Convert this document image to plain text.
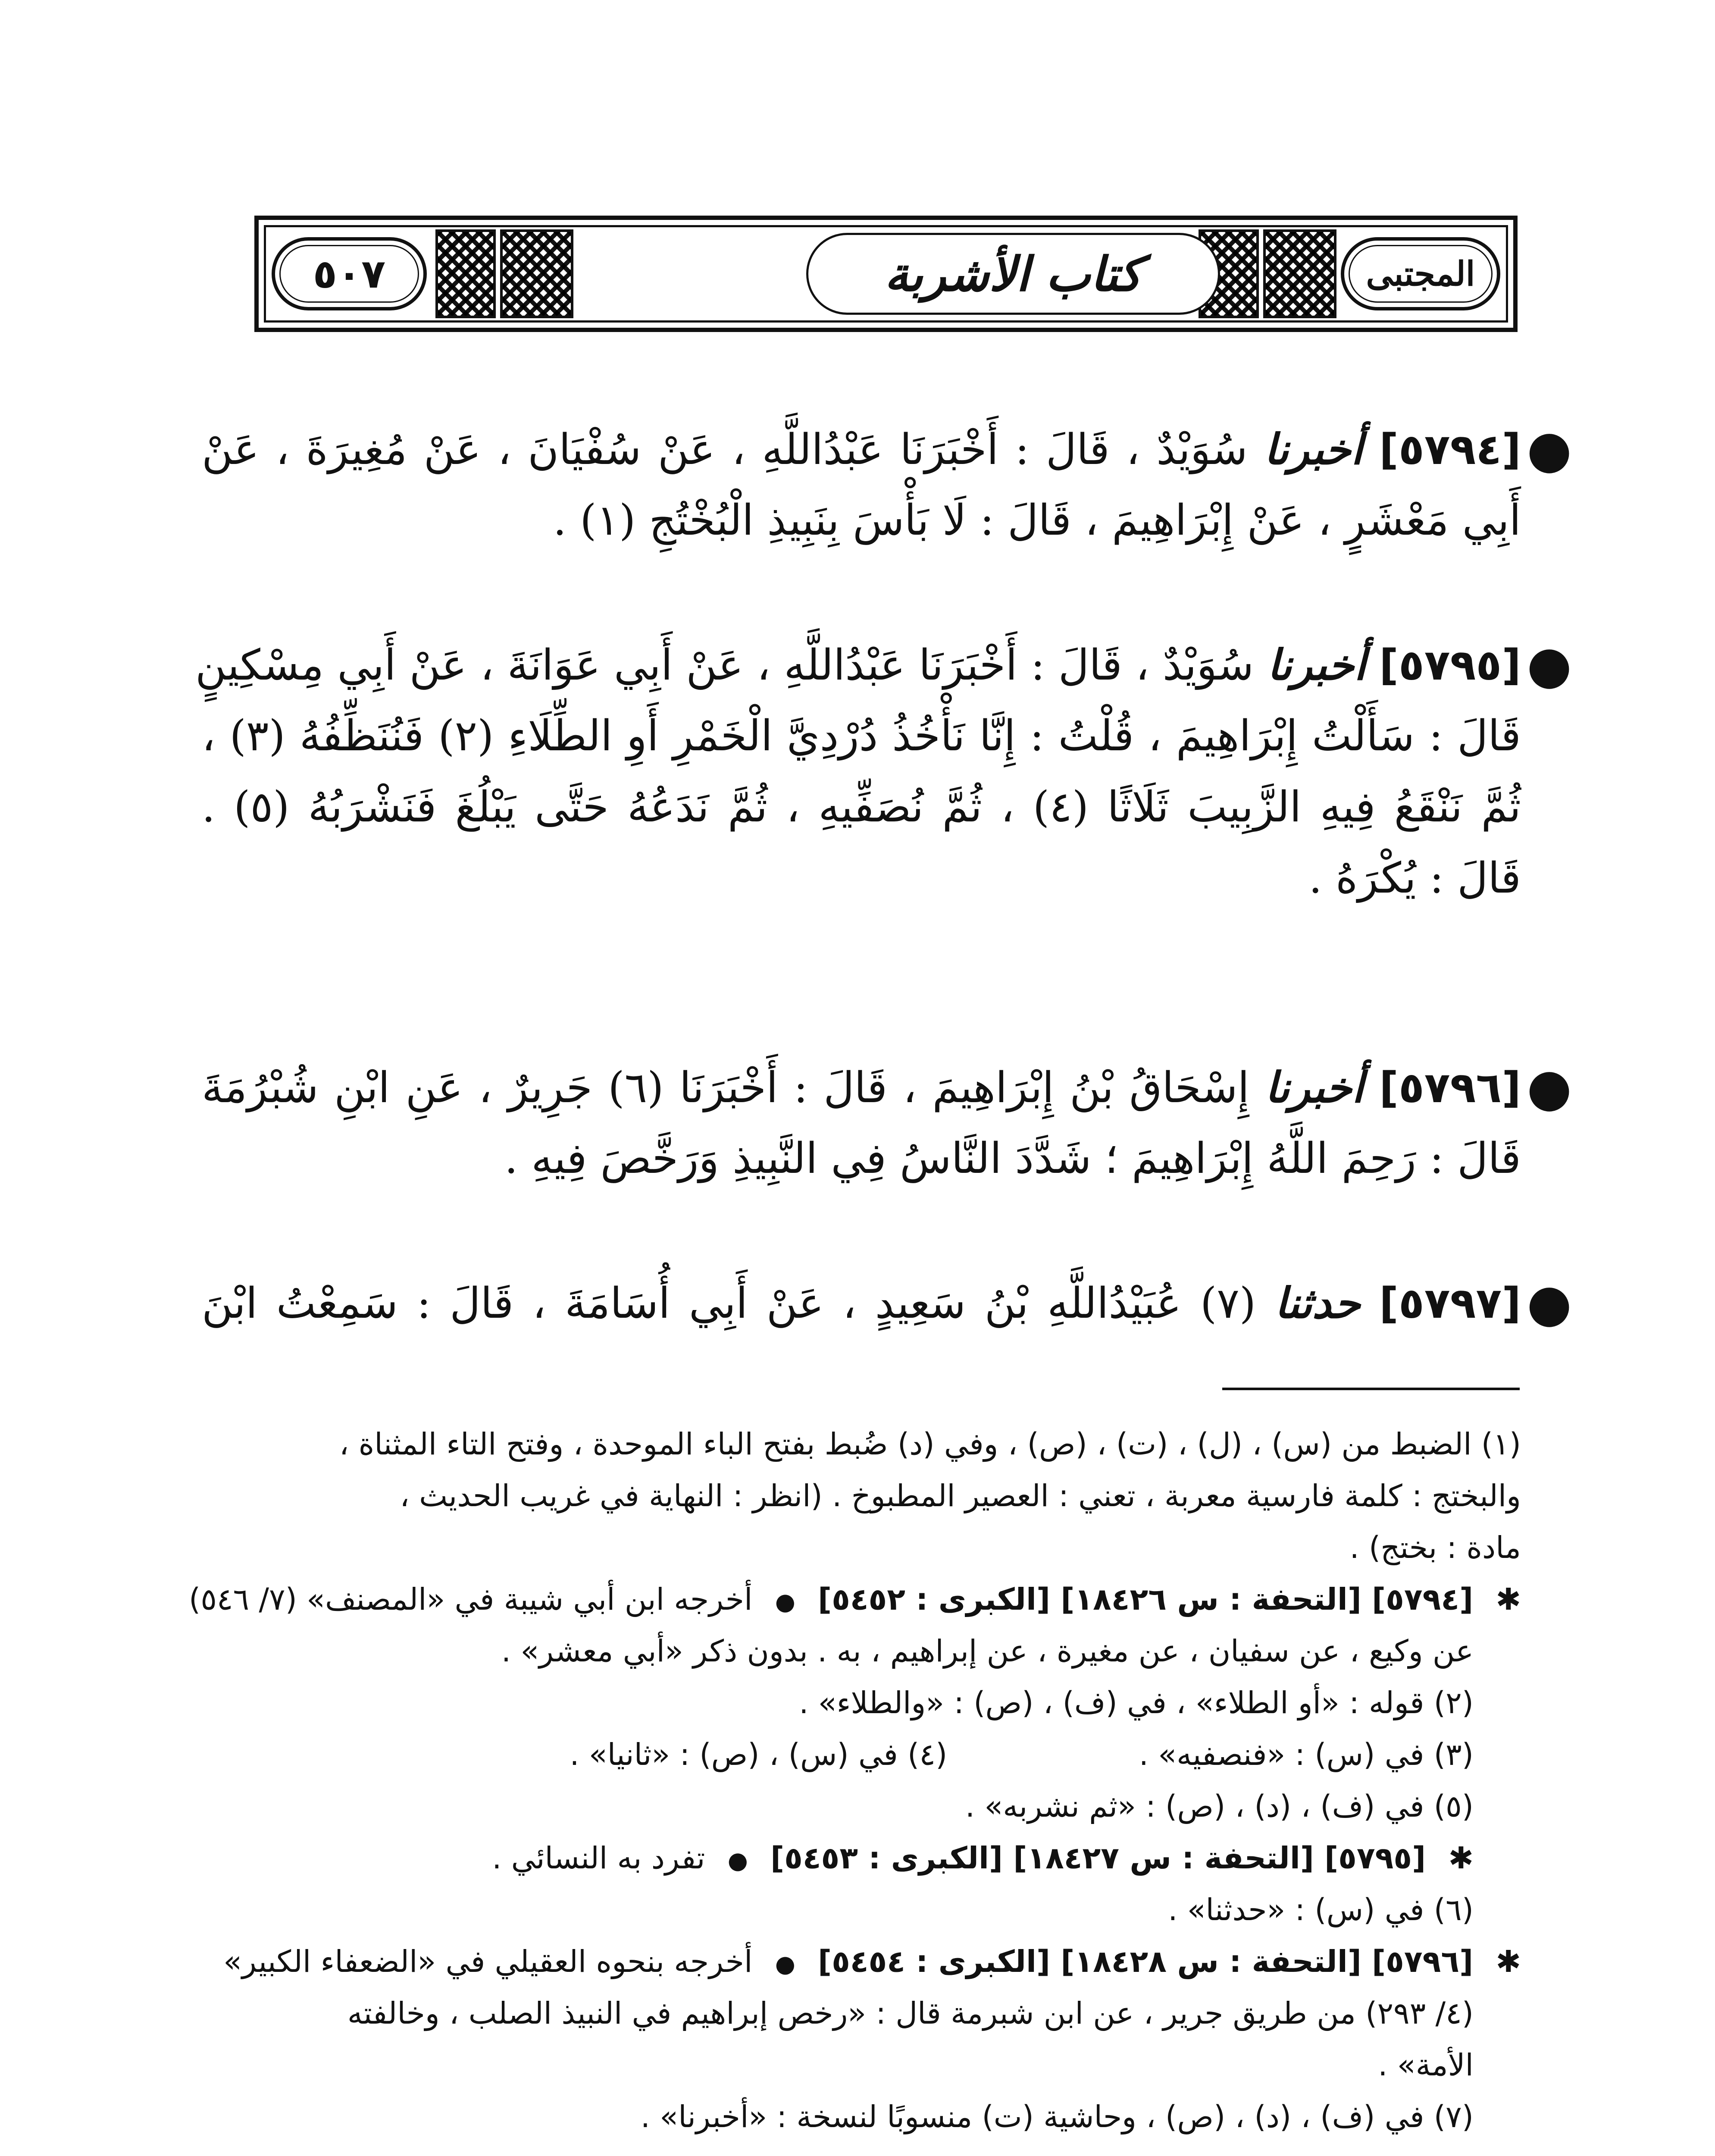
المجتبى
كتاب الأشربة
٥٠٧
●
[٥٧٩٤] أخبرنا سُوَيْدٌ ، قَالَ : أَخْبَرَنَا عَبْدُاللَّهِ ، عَنْ سُفْيَانَ ، عَنْ مُغِيرَةَ ، عَنْ
أَبِي مَعْشَرٍ ، عَنْ إِبْرَاهِيمَ ، قَالَ : لَا بَأْسَ بِنَبِيذِ الْبُخْتُجِ (١) .
●
[٥٧٩٥] أخبرنا سُوَيْدٌ ، قَالَ : أَخْبَرَنَا عَبْدُاللَّهِ ، عَنْ أَبِي عَوَانَةَ ، عَنْ أَبِي مِسْكِينٍ
قَالَ : سَأَلْتُ إِبْرَاهِيمَ ، قُلْتُ : إِنَّا نَأْخُذُ دُرْدِيَّ الْخَمْرِ أَوِ الطِّلَاءِ (٢) فَنُنَظِّفُهُ (٣) ،
ثُمَّ نَنْقَعُ فِيهِ الزَّبِيبَ ثَلَاثًا (٤) ، ثُمَّ نُصَفِّيهِ ، ثُمَّ نَدَعُهُ حَتَّى يَبْلُغَ فَنَشْرَبُهُ (٥) .
قَالَ : يُكْرَهُ .
●
[٥٧٩٦] أخبرنا إِسْحَاقُ بْنُ إِبْرَاهِيمَ ، قَالَ : أَخْبَرَنَا (٦) جَرِيرٌ ، عَنِ ابْنِ شُبْرُمَةَ
قَالَ : رَحِمَ اللَّهُ إِبْرَاهِيمَ ؛ شَدَّدَ النَّاسُ فِي النَّبِيذِ وَرَخَّصَ فِيهِ .
●
[٥٧٩٧] حدثنا (٧) عُبَيْدُاللَّهِ بْنُ سَعِيدٍ ، عَنْ أَبِي أُسَامَةَ ، قَالَ : سَمِعْتُ ابْنَ
(١) الضبط من (س) ، (ل) ، (ت) ، (ص) ، وفي (د) ضُبط بفتح الباء الموحدة ، وفتح التاء المثناة ،
والبختج : كلمة فارسية معربة ، تعني : العصير المطبوخ . (انظر : النهاية في غريب الحديث ،
مادة : بختج) .
✱ [٥٧٩٤] [التحفة : س ١٨٤٢٦] [الكبرى : ٥٤٥٢] ● أخرجه ابن أبي شيبة في «المصنف» (٧/ ٥٤٦)
عن وكيع ، عن سفيان ، عن مغيرة ، عن إبراهيم ، به . بدون ذكر «أبي معشر» .
(٢) قوله : «أو الطلاء» ، في (ف) ، (ص) : «والطلاء» .
(٣) في (س) : «فنصفيه» .  (٤) في (س) ، (ص) : «ثانيا» .
(٥) في (ف) ، (د) ، (ص) : «ثم نشربه» .
✱ [٥٧٩٥] [التحفة : س ١٨٤٢٧] [الكبرى : ٥٤٥٣] ● تفرد به النسائي .
(٦) في (س) : «حدثنا» .
✱ [٥٧٩٦] [التحفة : س ١٨٤٢٨] [الكبرى : ٥٤٥٤] ● أخرجه بنحوه العقيلي في «الضعفاء الكبير»
(٤/ ٢٩٣) من طريق جرير ، عن ابن شبرمة قال : «رخص إبراهيم في النبيذ الصلب ، وخالفته
الأمة» .
(٧) في (ف) ، (د) ، (ص) ، وحاشية (ت) منسوبًا لنسخة : «أخبرنا» .
